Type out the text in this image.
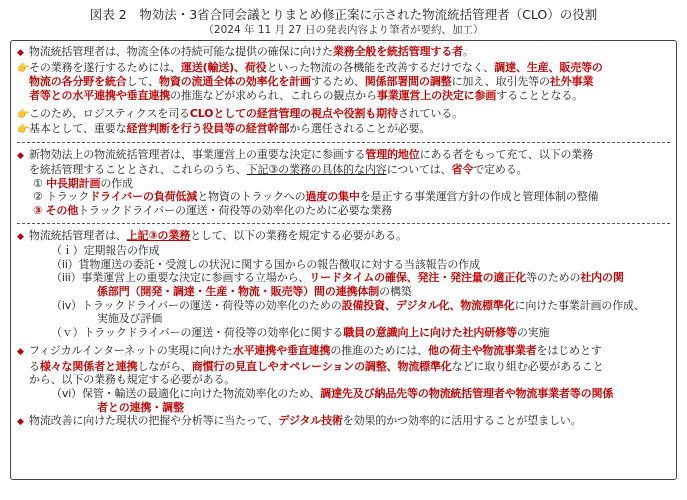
図表 2　物効法・3省合同会議とりまとめ修正案に示された物流統括管理者（CLO）の役割
（2024 年 11 月 27 日の発表内容より筆者が要約、加工）
◆ 物流統括管理者は、物流全体の持続可能な提供の確保に向けた業務全般を統括管理する者。
👉その業務を遂行するためには、運送(輸送)、荷役といった物流の各機能を改善するだけでなく、調達、生産、販売等の
物流の各分野を統合して、物資の流通全体の効率化を計画するため、関係部署間の調整に加え、取引先等の社外事業
者等との水平連携や垂直連携の推進などが求められ、これらの観点から事業運営上の決定に参画することとなる。
👉このため、ロジスティクスを司るCLOとしての経営管理の視点や役割も期待されている。
👉基本として、重要な経営判断を行う役員等の経営幹部から選任されることが必要。
◆ 新物効法上の物流統括管理者は、事業運営上の重要な決定に参画する管理的地位にある者をもって充て、以下の業務
を統括管理することとされ、これらのうち、下記③の業務の具体的な内容については、省令で定める。
① 中長期計画の作成
② トラックドライバーの負荷低減と物資のトラックへの過度の集中を是正する事業運営方針の作成と管理体制の整備
③ その他トラックドライバーの運送・荷役等の効率化のために必要な業務
◆ 物流統括管理者は、上記③の業務として、以下の業務を規定する必要がある。
（ｉ）定期報告の作成
（ii）貨物運送の委託・受渡しの状況に関する国からの報告徴収に対する当該報告の作成
（iii）事業運営上の重要な決定に参画する立場から、リードタイムの確保、発注・発注量の適正化等のための社内の関
係部門（開発・調達・生産・物流・販売等）間の連携体制の構築
（iv）トラックドライバーの運送・荷役等の効率化のための設備投資、デジタル化、物流標準化に向けた事業計画の作成、
実施及び評価
（ｖ）トラックドライバーの運送・荷役等の効率化に関する職員の意識向上に向けた社内研修等の実施
◆ フィジカルインターネットの実現に向けた水平連携や垂直連携の推進のためには、他の荷主や物流事業者をはじめとす
る様々な関係者と連携しながら、商慣行の見直しやオペレーションの調整、物流標準化などに取り組む必要があること
から、以下の業務も規定する必要がある。
（vi）保管・輸送の最適化に向けた物流効率化のため、調達先及び納品先等の物流統括管理者や物流事業者等の関係
者との連携・調整
◆ 物流改善に向けた現状の把握や分析等に当たって、デジタル技術を効果的かつ効率的に活用することが望ましい。
